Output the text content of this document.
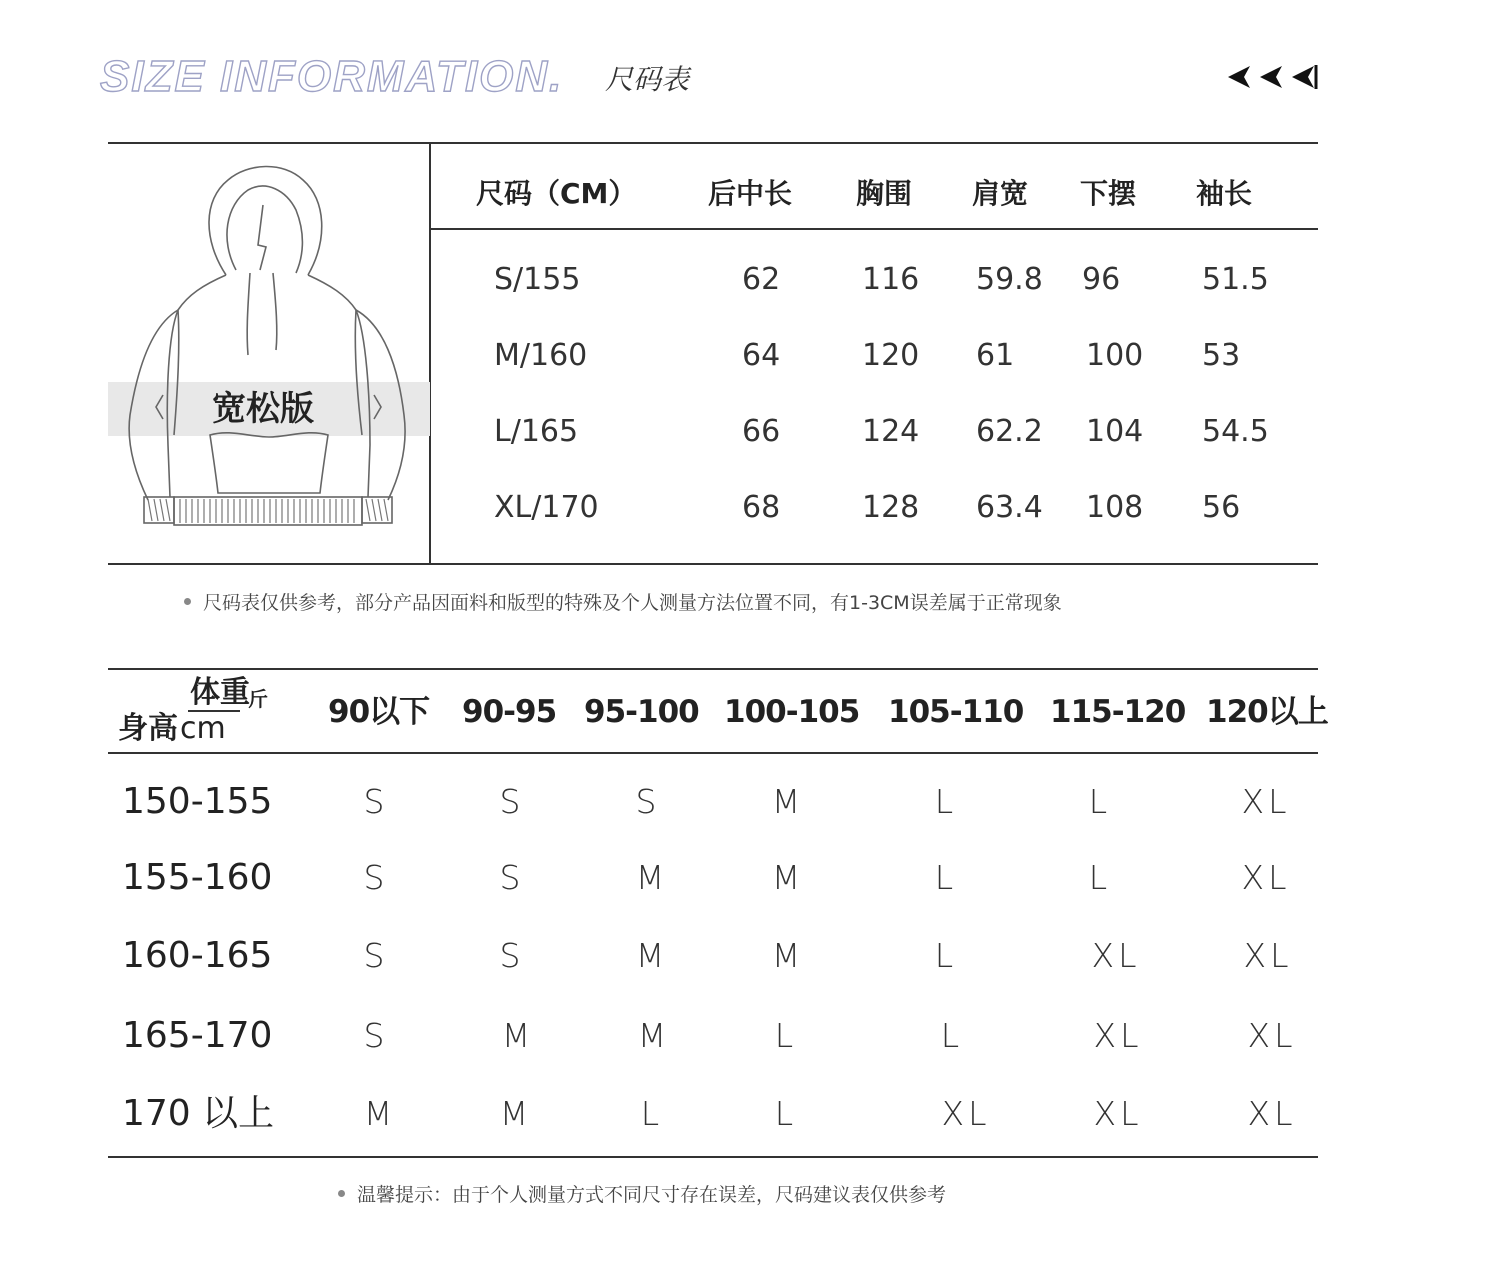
SIZE INFORMATION. 尺码表
宽松版
尺码（CM）	后中长 胸围 肩宽 下摆 袖长
S/155	62	116 59.8 96	51.5
M/160	64	120 61 100 53
L/165	66	124 62.2 104 54.5
XL/170	68	128 63.4 108 56
尺码表仅供参考，部分产品因面料和版型的特殊及个人测量方法位置不同，有1-3CM误差属于正常现象
体重
斤
身高 cm	90以下 90-95 95-100 100-105 105-110 115-120 120以上
150-155	S	S	S	M	L	L	XL
155-160	S	S	M	M	L	L	XL
160-165	S	S	M	M	L	XL	XL
165-170	S	M	M	L	L	XL	XL
170 以上	M	M	L	L	XL	XL	XL
温馨提示：由于个人测量方式不同尺寸存在误差，尺码建议表仅供参考
